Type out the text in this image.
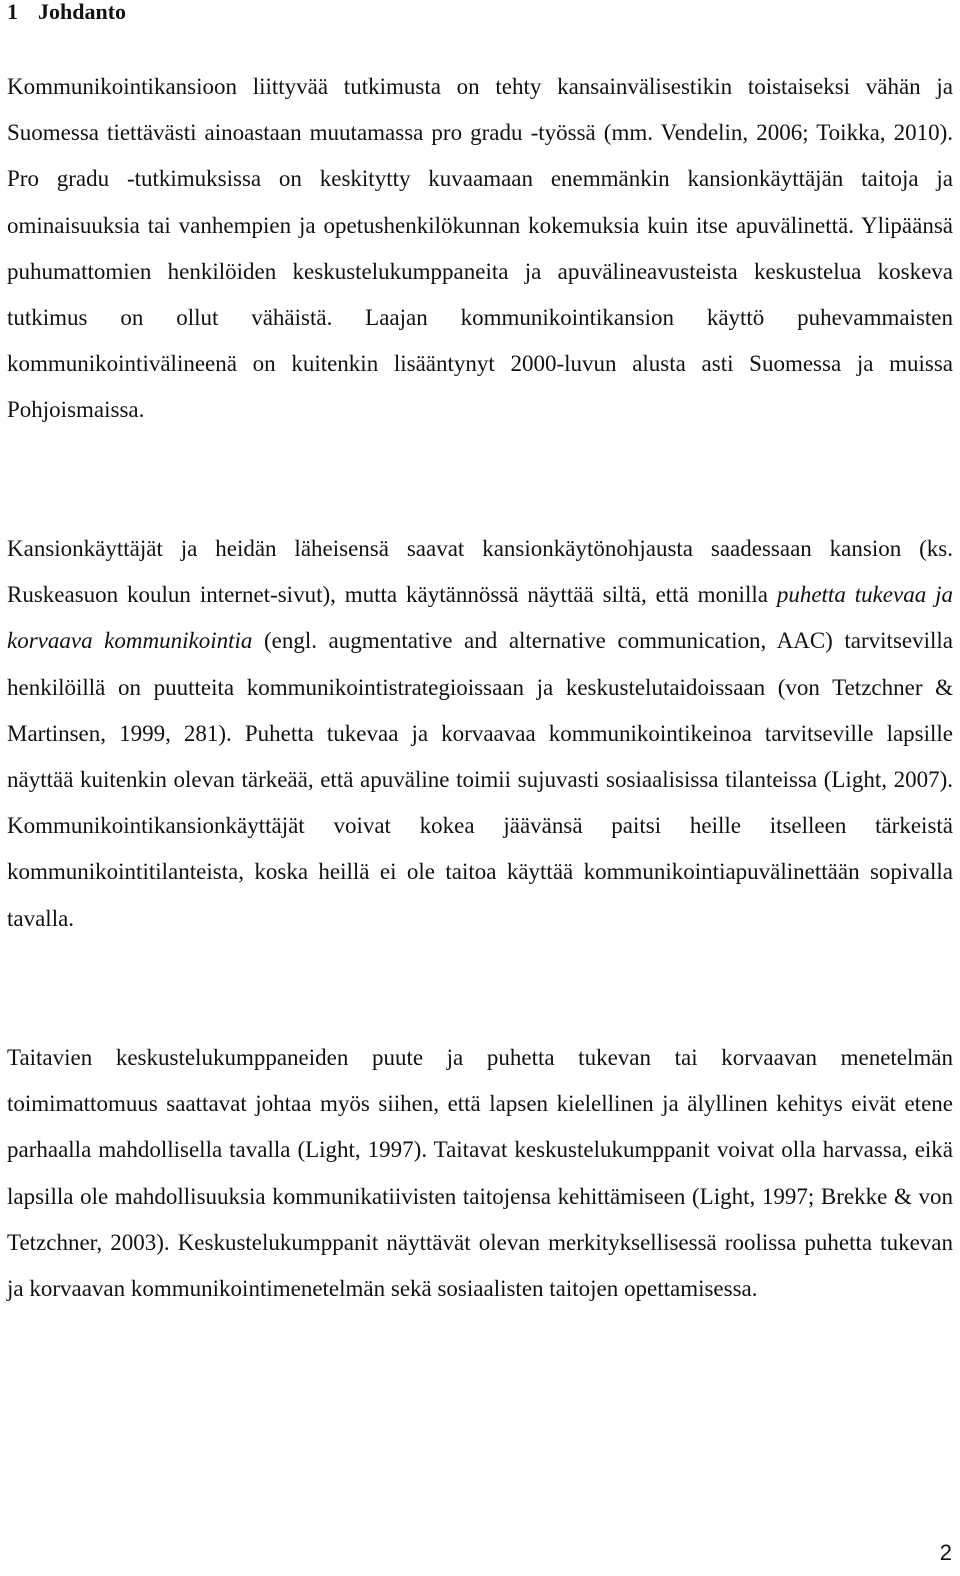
1 Johdanto

Kommunikointikansioon liittyvää tutkimusta on tehty kansainvälisestikin toistaiseksi vähän ja Suomessa tiettävästi ainoastaan muutamassa pro gradu -työssä (mm. Vendelin, 2006; Toikka, 2010). Pro gradu -tutkimuksissa on keskitytty kuvaamaan enemmänkin kansionkäyttäjän taitoja ja ominaisuuksia tai vanhempien ja opetushenkilökunnan kokemuksia kuin itse apuvälinettä. Ylipäänsä puhumattomien henkilöiden keskustelukumppaneita ja apuvälineavusteista keskustelua koskeva tutkimus on ollut vähäistä. Laajan kommunikointikansion käyttö puhevammaisten kommunikointivälineenä on kuitenkin lisääntynyt 2000-luvun alusta asti Suomessa ja muissa Pohjoismaissa.

Kansionkäyttäjät ja heidän läheisensä saavat kansionkäytönohjausta saadessaan kansion (ks. Ruskeasuon koulun internet-sivut), mutta käytännössä näyttää siltä, että monilla puhetta tukevaa ja korvaava kommunikointia (engl. augmentative and alternative communication, AAC) tarvitsevilla henkilöillä on puutteita kommunikointistrategioissaan ja keskustelutaidoissaan (von Tetzchner & Martinsen, 1999, 281). Puhetta tukevaa ja korvaavaa kommunikointikeinoa tarvitseville lapsille näyttää kuitenkin olevan tärkeää, että apuväline toimii sujuvasti sosiaalisissa tilanteissa (Light, 2007). Kommunikointikansionkäyttäjät voivat kokea jäävänsä paitsi heille itselleen tärkeistä kommunikointitilanteista, koska heillä ei ole taitoa käyttää kommunikointiapuvälinettään sopivalla tavalla.

Taitavien keskustelukumppaneiden puute ja puhetta tukevan tai korvaavan menetelmän toimimattomuus saattavat johtaa myös siihen, että lapsen kielellinen ja älyllinen kehitys eivät etene parhaalla mahdollisella tavalla (Light, 1997). Taitavat keskustelukumppanit voivat olla harvassa, eikä lapsilla ole mahdollisuuksia kommunikatiivisten taitojensa kehittämiseen (Light, 1997; Brekke & von Tetzchner, 2003). Keskustelukumppanit näyttävät olevan merkityksellisessä roolissa puhetta tukevan ja korvaavan kommunikointimenetelmän sekä sosiaalisten taitojen opettamisessa.

2
